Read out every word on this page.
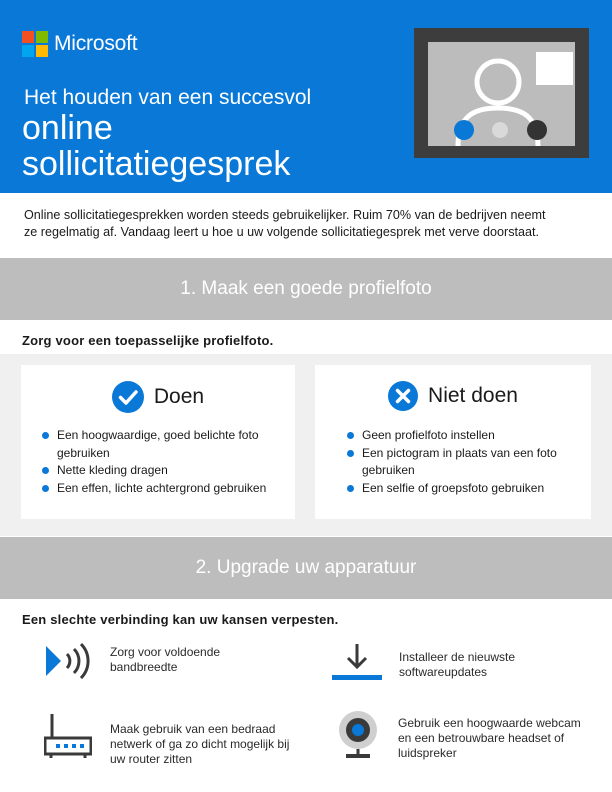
Microsoft
Het houden van een succesvol
online
sollicitatiegesprek
Online sollicitatiegesprekken worden steeds gebruikelijker. Ruim 70% van de bedrijven neemt
ze regelmatig af. Vandaag leert u hoe u uw volgende sollicitatiegesprek met verve doorstaat.
1. Maak een goede profielfoto
Zorg voor een toepasselijke profielfoto.
Doen
Een hoogwaardige, goed belichte foto gebruiken
Nette kleding dragen
Een effen, lichte achtergrond gebruiken
Niet doen
Geen profielfoto instellen
Een pictogram in plaats van een foto gebruiken
Een selfie of groepsfoto gebruiken
2. Upgrade uw apparatuur
Een slechte verbinding kan uw kansen verpesten.
Zorg voor voldoende
bandbreedte
Installeer de nieuwste
softwareupdates
Maak gebruik van een bedraad
netwerk of ga zo dicht mogelijk bij
uw router zitten
Gebruik een hoogwaarde webcam
en een betrouwbare headset of
luidspreker
